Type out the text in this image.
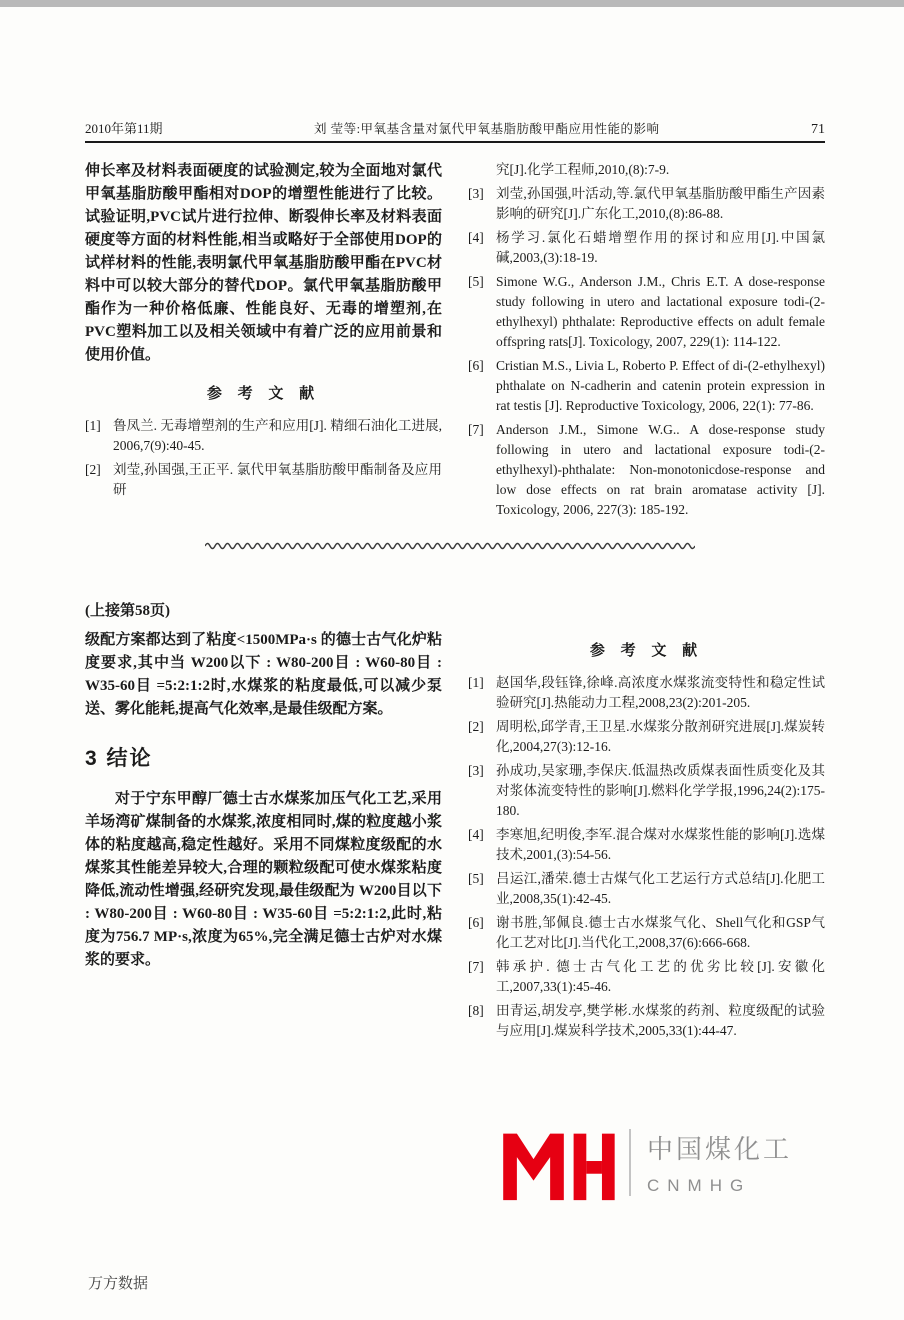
2010年第11期	刘 莹等:甲氧基含量对氯代甲氧基脂肪酸甲酯应用性能的影响	71

伸长率及材料表面硬度的试验测定,较为全面地对氯代甲氧基脂肪酸甲酯相对DOP的增塑性能进行了比较。试验证明,PVC试片进行拉伸、断裂伸长率及材料表面硬度等方面的材料性能,相当或略好于全部使用DOP的试样材料的性能,表明氯代甲氧基脂肪酸甲酯在PVC材料中可以较大部分的替代DOP。氯代甲氧基脂肪酸甲酯作为一种价格低廉、性能良好、无毒的增塑剂,在PVC塑料加工以及相关领域中有着广泛的应用前景和使用价值。

参 考 文 献
[1] 鲁凤兰. 无毒增塑剂的生产和应用[J]. 精细石油化工进展, 2006,7(9):40-45.
[2] 刘莹,孙国强,王正平. 氯代甲氧基脂肪酸甲酯制备及应用研

究[J].化学工程师,2010,(8):7-9.

[3] 刘莹,孙国强,叶活动,等.氯代甲氧基脂肪酸甲酯生产因素影响的研究[J].广东化工,2010,(8):86-88.
[4] 杨学习.氯化石蜡增塑作用的探讨和应用[J].中国氯碱,2003,(3):18-19.
[5] Simone W.G., Anderson J.M., Chris E.T. A dose-response study following in utero and lactational exposure todi-(2-ethylhexyl) phthalate: Reproductive effects on adult female offspring rats[J]. Toxicology, 2007, 229(1): 114-122.
[6] Cristian M.S., Livia L, Roberto P. Effect of di-(2-ethylhexyl) phthalate on N-cadherin and catenin protein expression in rat testis [J]. Reproductive Toxicology, 2006, 22(1): 77-86.
[7] Anderson J.M., Simone W.G.. A dose-response study following in utero and lactational exposure todi-(2-ethylhexyl)-phthalate: Non-monotonicdose-response and low dose effects on rat brain aromatase activity [J]. Toxicology, 2006, 227(3): 185-192.

(上接第58页)

级配方案都达到了粘度<1500MPa·s 的德士古气化炉粘度要求,其中当 W200以下 : W80-200目 : W60-80目 : W35-60目 =5:2:1:2时,水煤浆的粘度最低,可以减少泵送、雾化能耗,提高气化效率,是最佳级配方案。

3 结论

对于宁东甲醇厂德士古水煤浆加压气化工艺,采用羊场湾矿煤制备的水煤浆,浓度相同时,煤的粒度越小浆体的粘度越高,稳定性越好。采用不同煤粒度级配的水煤浆其性能差异较大,合理的颗粒级配可使水煤浆粘度降低,流动性增强,经研究发现,最佳级配为 W200目以下 : W80-200目 : W60-80目 : W35-60目 =5:2:1:2,此时,粘度为756.7 MP·s,浓度为65%,完全满足德士古炉对水煤浆的要求。

参 考 文 献
[1] 赵国华,段钰锋,徐峰.高浓度水煤浆流变特性和稳定性试验研究[J].热能动力工程,2008,23(2):201-205.
[2] 周明松,邱学青,王卫星.水煤浆分散剂研究进展[J].煤炭转化,2004,27(3):12-16.
[3] 孙成功,吴家珊,李保庆.低温热改质煤表面性质变化及其对浆体流变特性的影响[J].燃料化学学报,1996,24(2):175-180.
[4] 李寒旭,纪明俊,李军.混合煤对水煤浆性能的影响[J].选煤技术,2001,(3):54-56.
[5] 吕运江,潘荣.德士古煤气化工艺运行方式总结[J].化肥工业,2008,35(1):42-45.
[6] 谢书胜,邹佩良.德士古水煤浆气化、Shell气化和GSP气化工艺对比[J].当代化工,2008,37(6):666-668.
[7] 韩承护. 德士古气化工艺的优劣比较[J].安徽化工,2007,33(1):45-46.
[8] 田青运,胡发亭,樊学彬.水煤浆的药剂、粒度级配的试验与应用[J].煤炭科学技术,2005,33(1):44-47.
中国煤化工
CNMHG
万方数据
